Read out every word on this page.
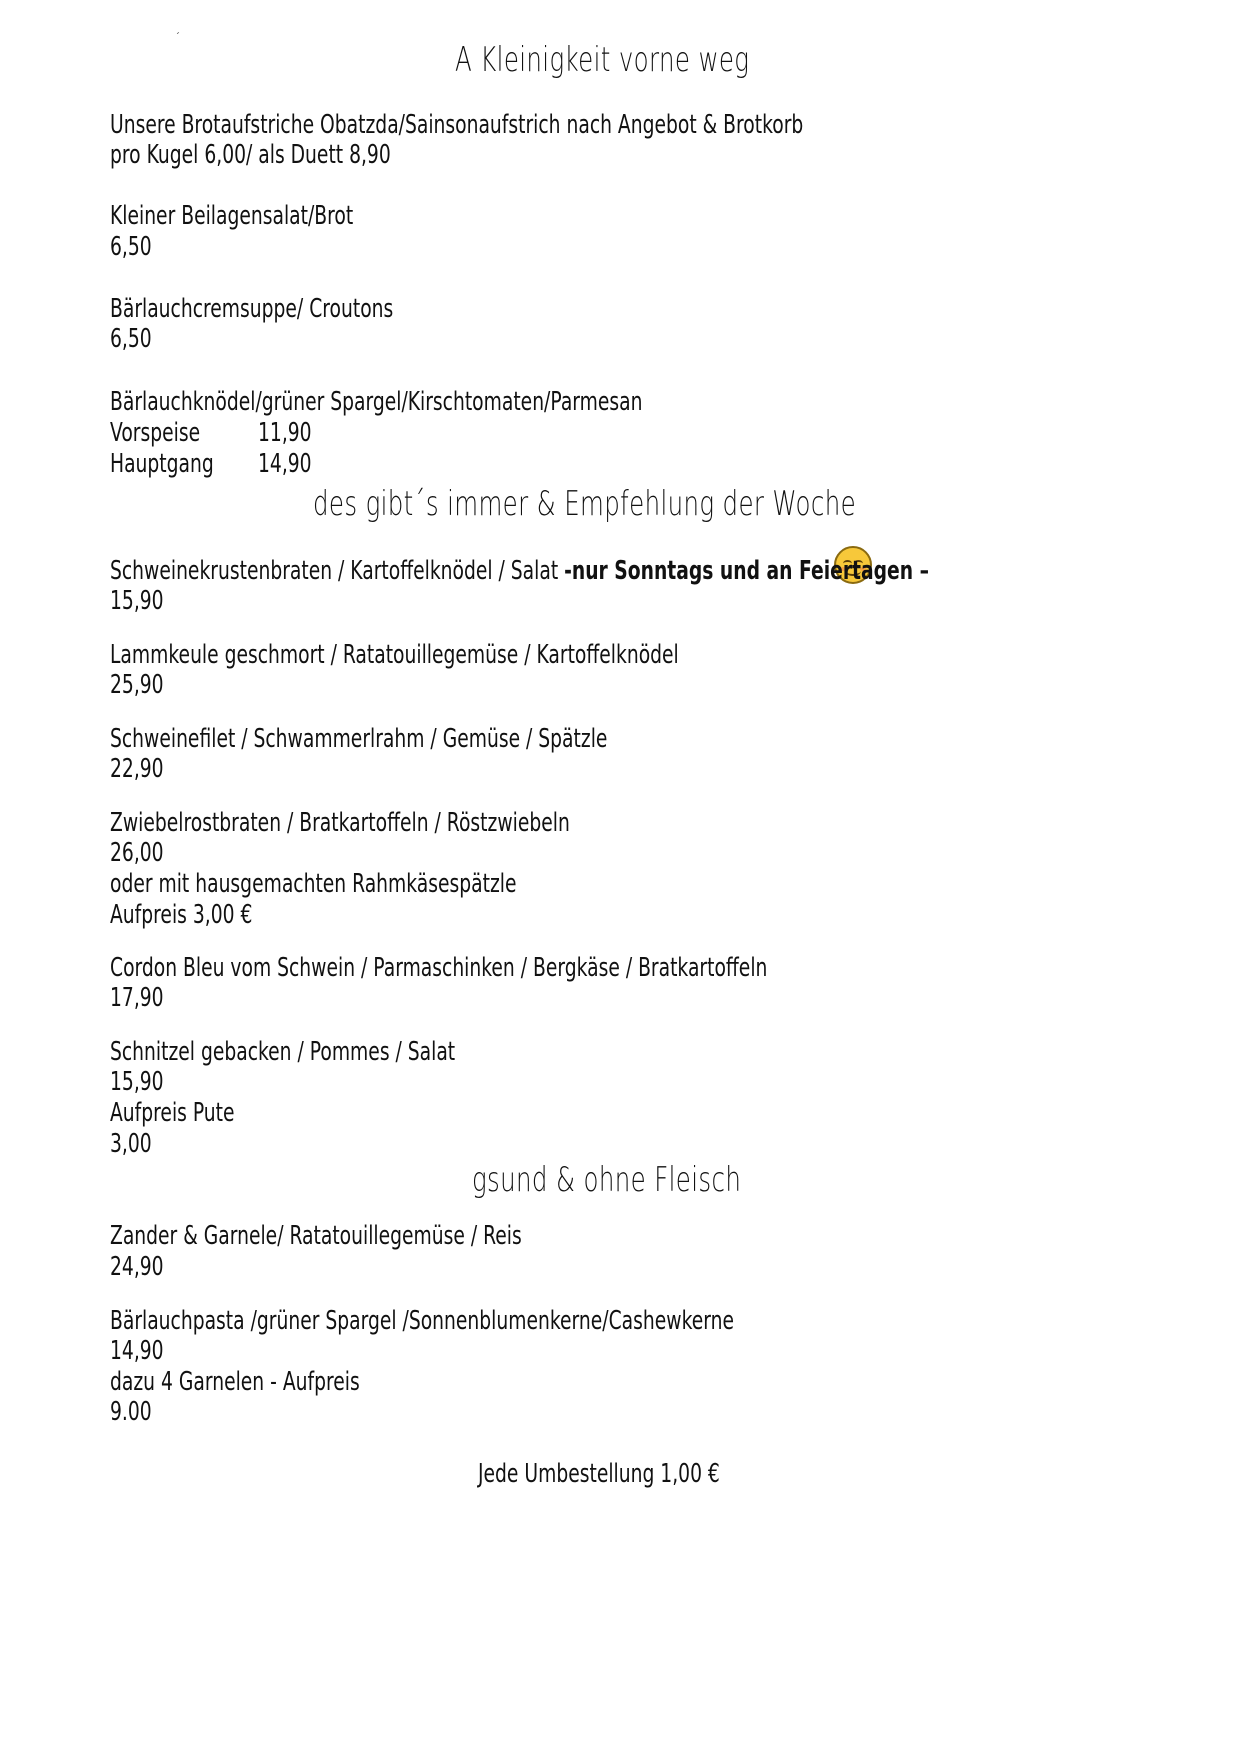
´
A Kleinigkeit vorne weg
Unsere Brotaufstriche Obatzda/Sainsonaufstrich nach Angebot & Brotkorb
pro Kugel 6,00/ als Duett 8,90
Kleiner Beilagensalat/Brot
6,50
Bärlauchcremsuppe/ Croutons
6,50
Bärlauchknödel/grüner Spargel/Kirschtomaten/Parmesan
Vorspeise 11,90
Hauptgang 14,90
des gibt´s immer & Empfehlung der Woche
Schweinekrustenbraten / Kartoffelknödel / Salat -nur Sonntags und an Feiertagen –
15,90
Lammkeule geschmort / Ratatouillegemüse / Kartoffelknödel
25,90
Schweinefilet / Schwammerlrahm / Gemüse / Spätzle
22,90
Zwiebelrostbraten / Bratkartoffeln / Röstzwiebeln
26,00
oder mit hausgemachten Rahmkäsespätzle
Aufpreis 3,00 €
Cordon Bleu vom Schwein / Parmaschinken / Bergkäse / Bratkartoffeln
17,90
Schnitzel gebacken / Pommes / Salat
15,90
Aufpreis Pute
3,00
gsund & ohne Fleisch
Zander & Garnele/ Ratatouillegemüse / Reis
24,90
Bärlauchpasta /grüner Spargel /Sonnenblumenkerne/Cashewkerne
14,90
dazu 4 Garnelen - Aufpreis
9.00
Jede Umbestellung 1,00 €
